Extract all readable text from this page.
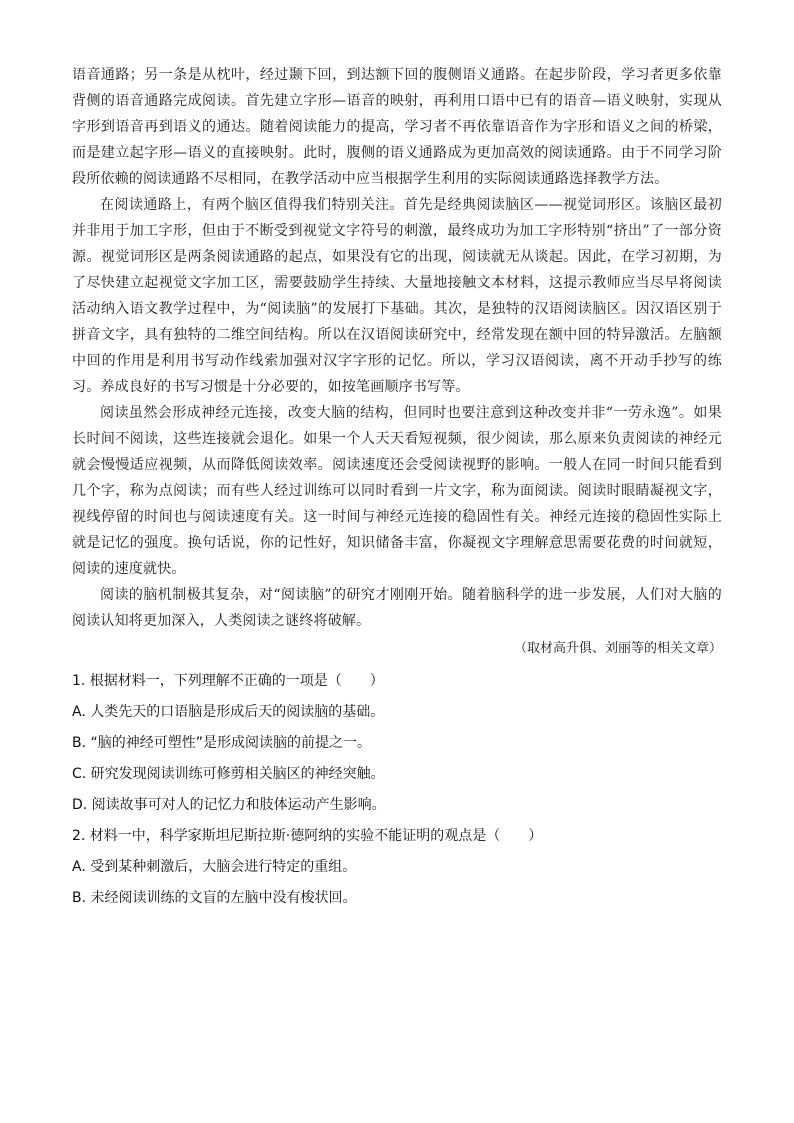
语音通路；另一条是从枕叶，经过颞下回，到达额下回的腹侧语义通路。在起步阶段，学习者更多依靠背侧的语音通路完成阅读。首先建立字形—语音的映射，再利用口语中已有的语音—语义映射，实现从字形到语音再到语义的通达。随着阅读能力的提高，学习者不再依靠语音作为字形和语义之间的桥梁，而是建立起字形—语义的直接映射。此时，腹侧的语义通路成为更加高效的阅读通路。由于不同学习阶段所依赖的阅读通路不尽相同，在教学活动中应当根据学生利用的实际阅读通路选择教学方法。

在阅读通路上，有两个脑区值得我们特别关注。首先是经典阅读脑区——视觉词形区。该脑区最初并非用于加工字形，但由于不断受到视觉文字符号的刺激，最终成功为加工字形特别“挤出”了一部分资源。视觉词形区是两条阅读通路的起点，如果没有它的出现，阅读就无从谈起。因此，在学习初期，为了尽快建立起视觉文字加工区，需要鼓励学生持续、大量地接触文本材料，这提示教师应当尽早将阅读活动纳入语文教学过程中，为“阅读脑”的发展打下基础。其次，是独特的汉语阅读脑区。因汉语区别于拼音文字，具有独特的二维空间结构。所以在汉语阅读研究中，经常发现在额中回的特异激活。左脑额中回的作用是利用书写动作线索加强对汉字字形的记忆。所以，学习汉语阅读，离不开动手抄写的练习。养成良好的书写习惯是十分必要的，如按笔画顺序书写等。

阅读虽然会形成神经元连接，改变大脑的结构，但同时也要注意到这种改变并非“一劳永逸”。如果长时间不阅读，这些连接就会退化。如果一个人天天看短视频，很少阅读，那么原来负责阅读的神经元就会慢慢适应视频，从而降低阅读效率。阅读速度还会受阅读视野的影响。一般人在同一时间只能看到几个字，称为点阅读；而有些人经过训练可以同时看到一片文字，称为面阅读。阅读时眼睛凝视文字，视线停留的时间也与阅读速度有关。这一时间与神经元连接的稳固性有关。神经元连接的稳固性实际上就是记忆的强度。换句话说，你的记性好，知识储备丰富，你凝视文字理解意思需要花费的时间就短，阅读的速度就快。

阅读的脑机制极其复杂，对“阅读脑”的研究才刚刚开始。随着脑科学的进一步发展，人们对大脑的阅读认知将更加深入，人类阅读之谜终将破解。

（取材高升俱、刘丽等的相关文章）

1. 根据材料一，下列理解不正确的一项是（　　）

A. 人类先天的口语脑是形成后天的阅读脑的基础。

B. “脑的神经可塑性”是形成阅读脑的前提之一。

C. 研究发现阅读训练可修剪相关脑区的神经突触。

D. 阅读故事可对人的记忆力和肢体运动产生影响。

2. 材料一中，科学家斯坦尼斯拉斯·德阿纳的实验不能证明的观点是（　　）

A. 受到某种刺激后，大脑会进行特定的重组。

B. 未经阅读训练的文盲的左脑中没有梭状回。
